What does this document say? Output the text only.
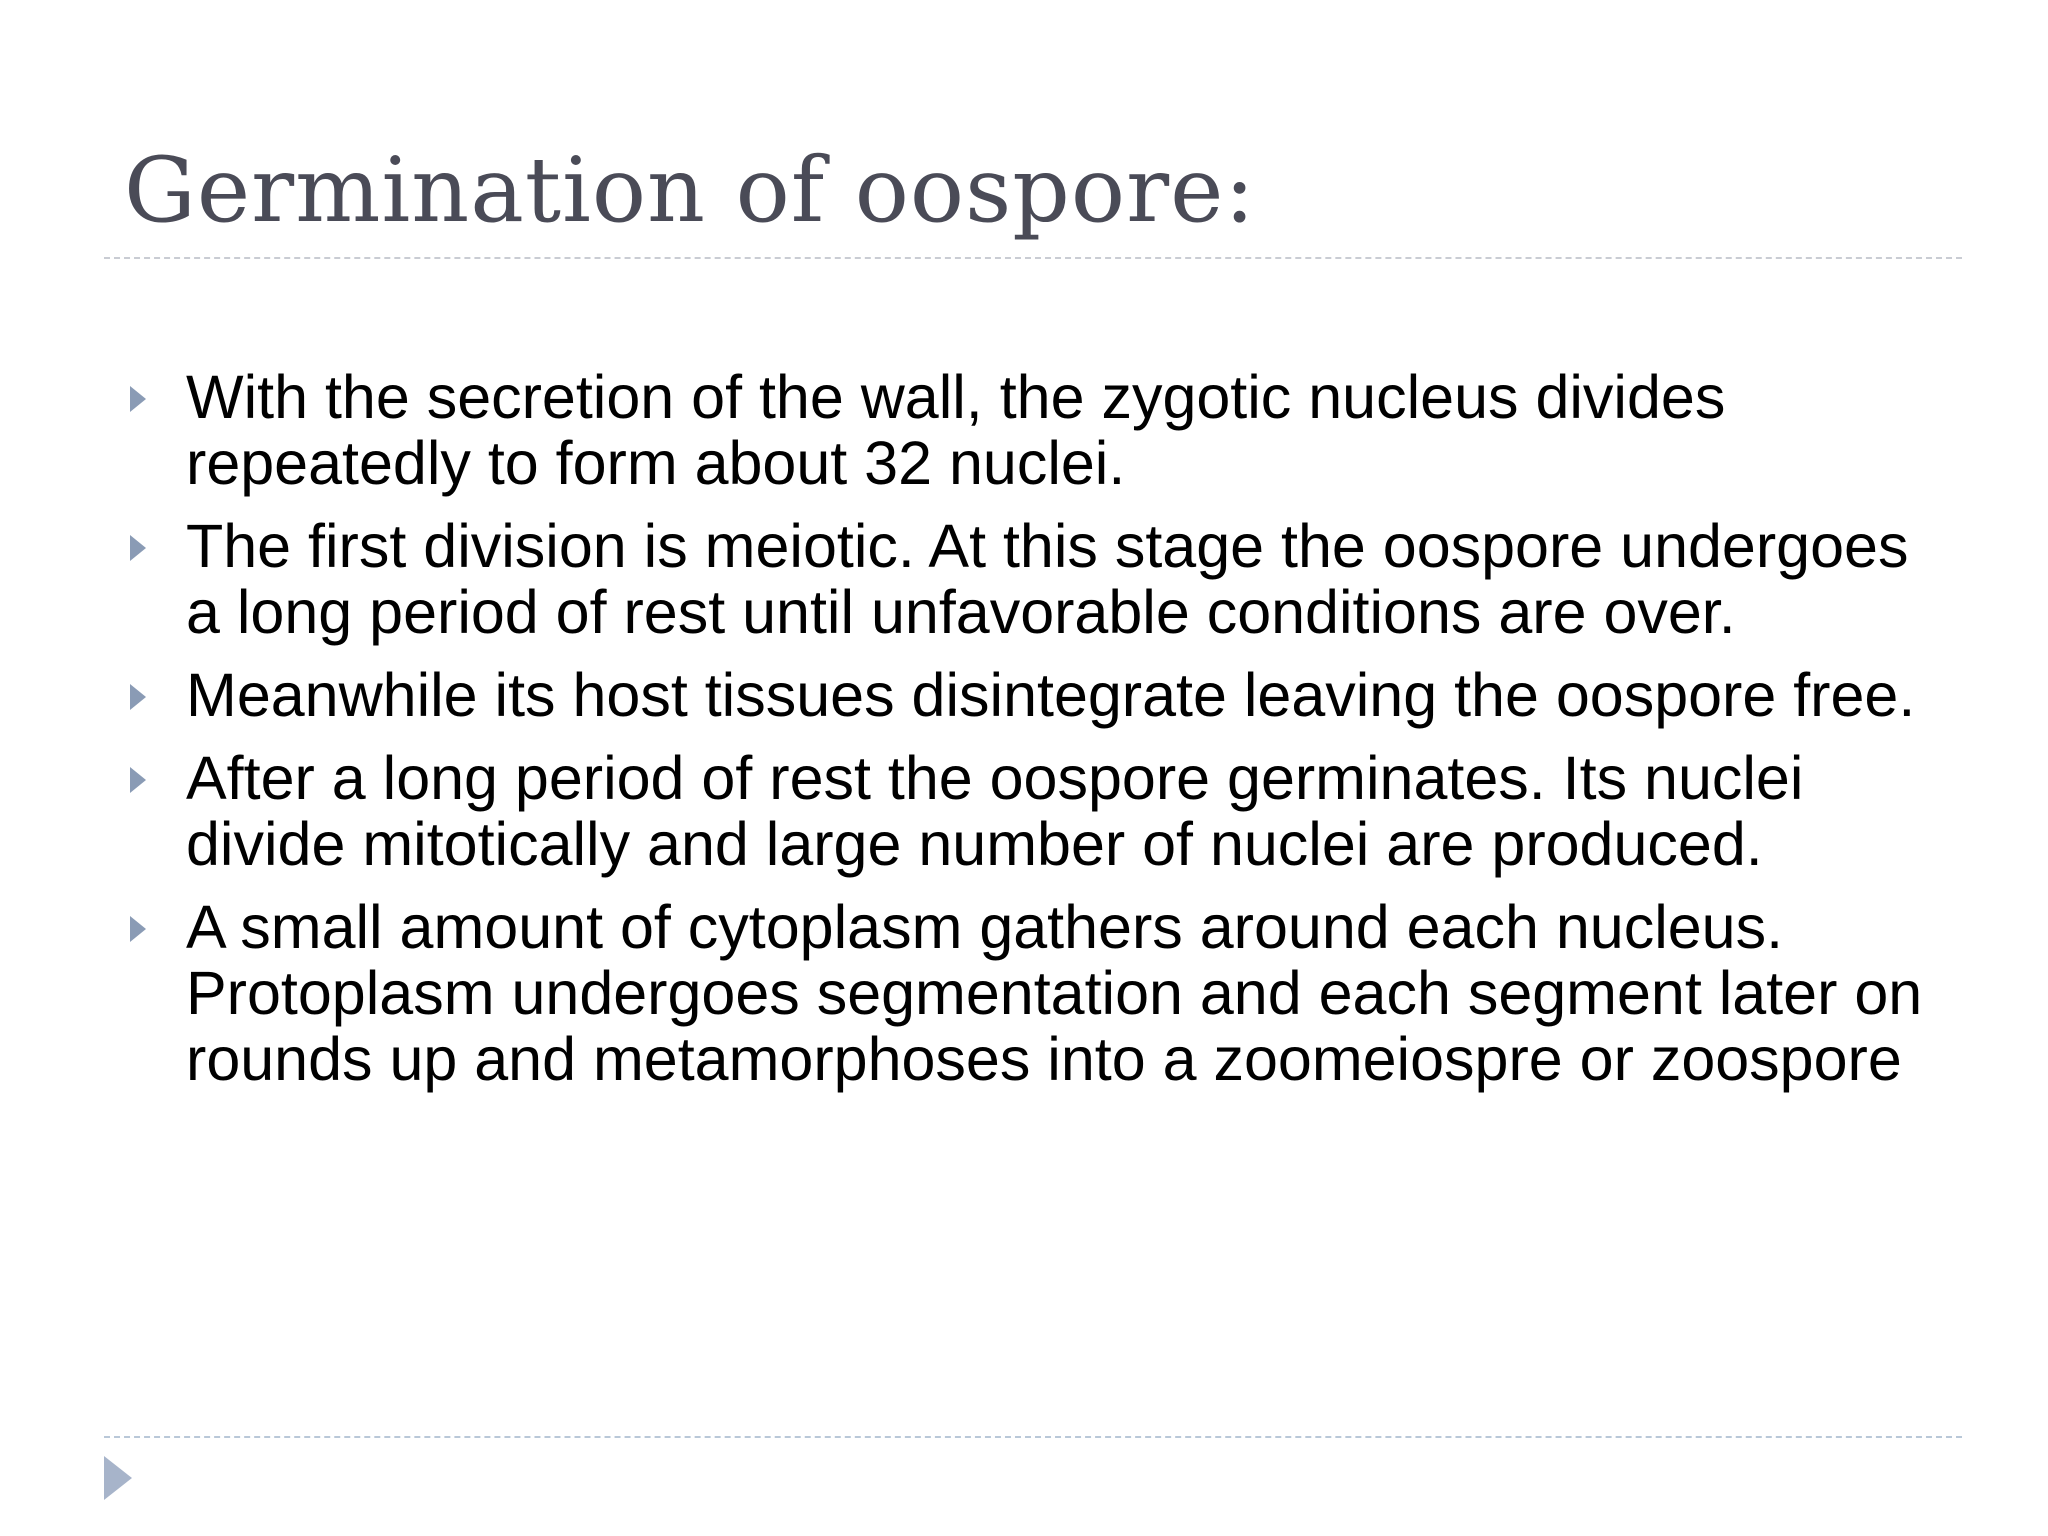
Germination of oospore:
With the secretion of the wall, the zygotic nucleus divides repeatedly to form about 32 nuclei.
The first division is meiotic. At this stage the oospore undergoes a long period of rest until unfavorable conditions are over.
Meanwhile its host tissues disintegrate leaving the oospore free.
After a long period of rest the oospore germinates. Its nuclei divide mitotically and large number of nuclei are produced.
A small amount of cytoplasm gathers around each nucleus. Protoplasm undergoes segmentation and each segment later on rounds up and metamorphoses into a zoomeiospre or zoospore
